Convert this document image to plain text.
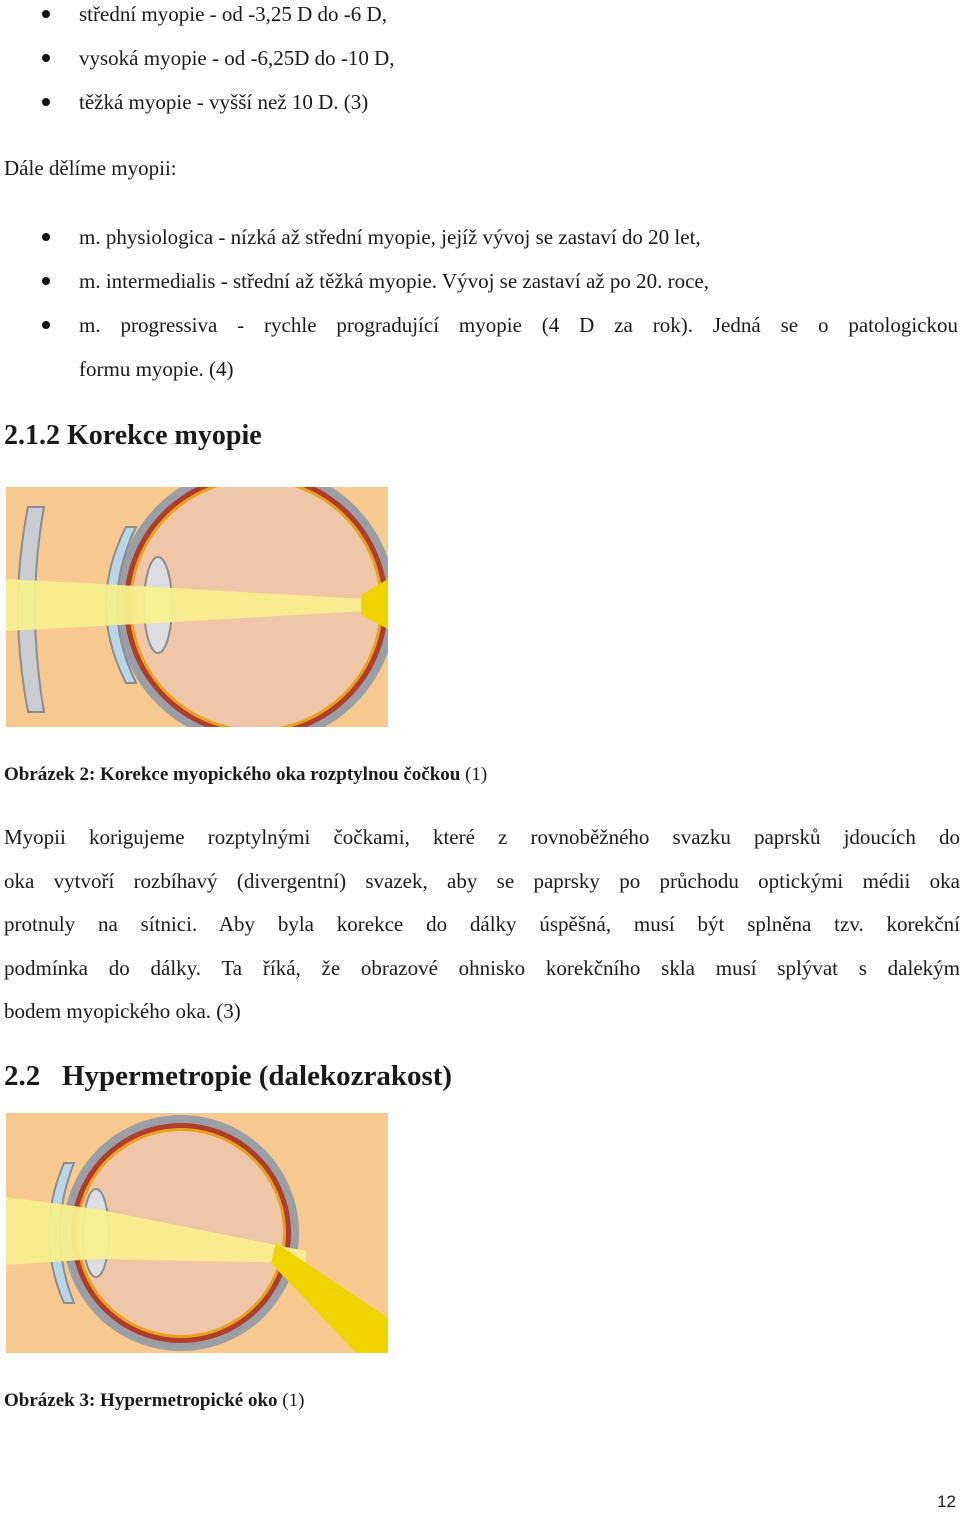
střední myopie - od -3,25 D do -6 D,
vysoká myopie - od -6,25D do -10 D,
těžká myopie - vyšší než 10 D. (3)

Dále dělíme myopii:

m. physiologica - nízká až střední myopie, jejíž vývoj se zastaví do 20 let,
m. intermedialis - střední až těžká myopie. Vývoj se zastaví až po 20. roce,
m. progressiva - rychle progradující myopie (4 D za rok). Jedná se o patologickou
formu myopie. (4)
2.1.2 Korekce myopie

Obrázek 2: Korekce myopického oka rozptylnou čočkou (1)

Myopii korigujeme rozptylnými čočkami, které z rovnoběžného svazku paprsků jdoucích do
oka vytvoří rozbíhavý (divergentní) svazek, aby se paprsky po průchodu optickými médii oka
protnuly na sítnici. Aby byla korekce do dálky úspěšná, musí být splněna tzv. korekční
podmínka do dálky. Ta říká, že obrazové ohnisko korekčního skla musí splývat s dalekým
bodem myopického oka. (3)
2.2   Hypermetropie (dalekozrakost)

Obrázek 3: Hypermetropické oko (1)

12
